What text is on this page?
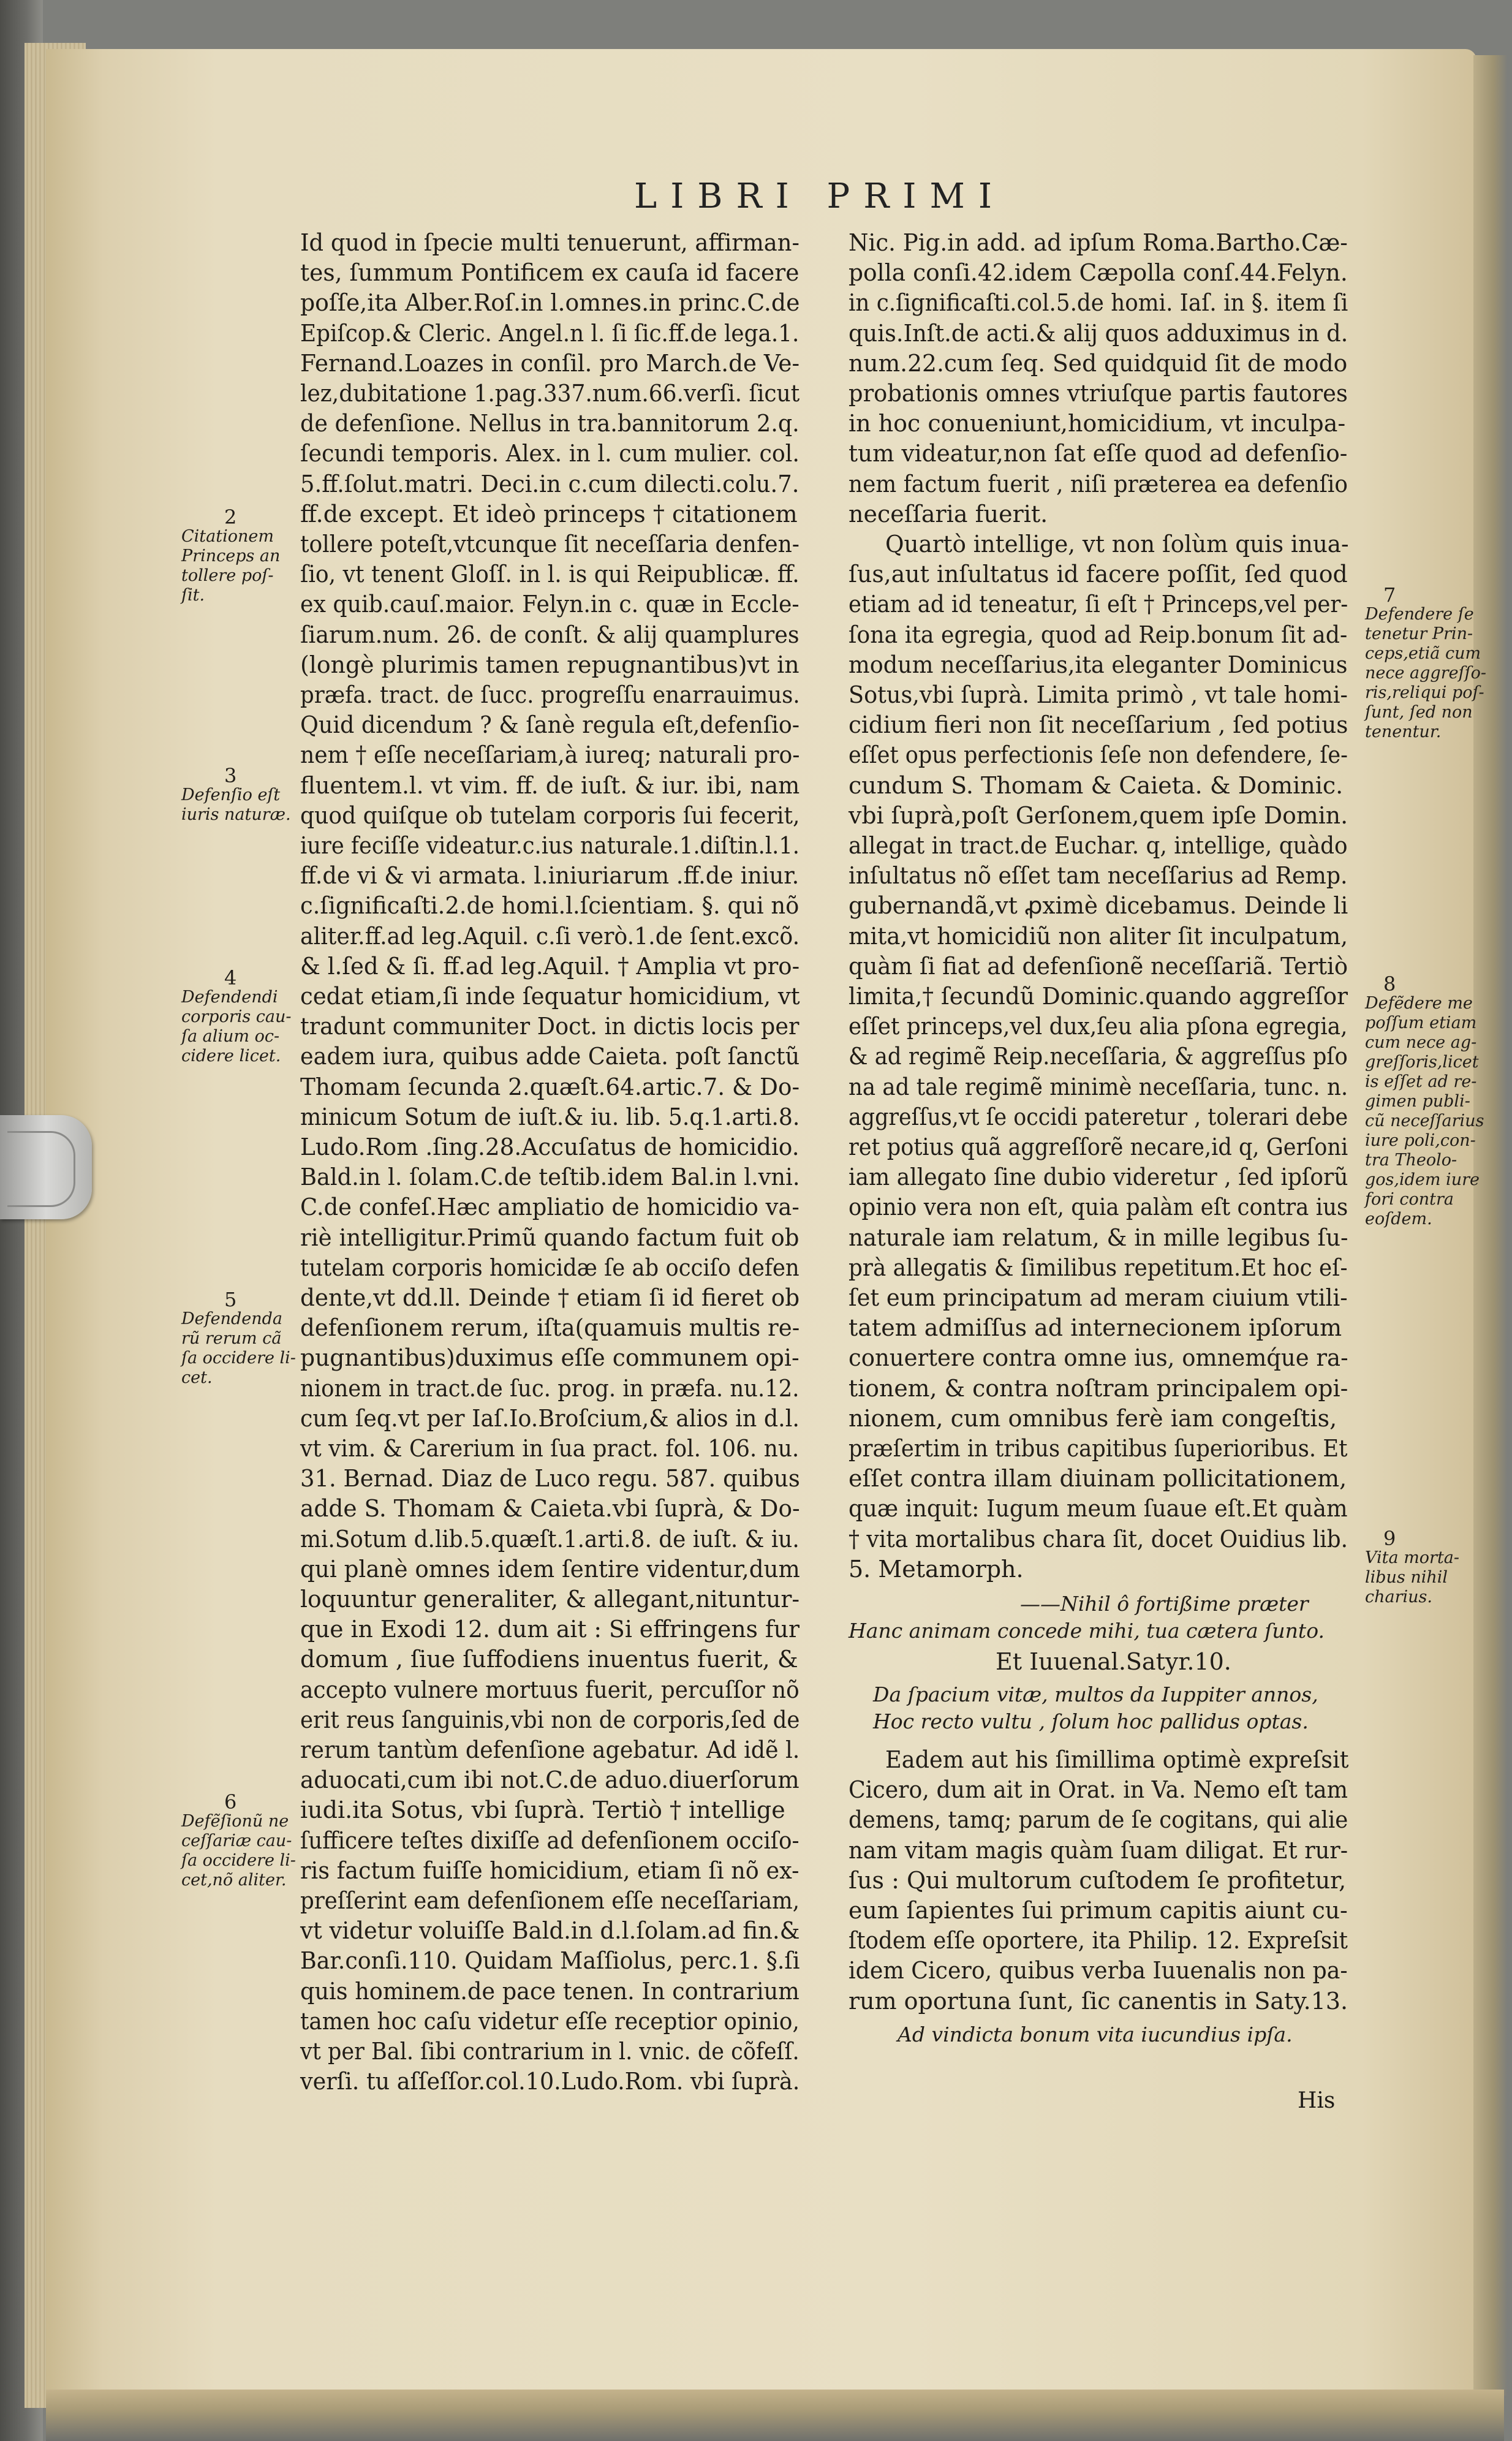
LIBRI PRIMI
Id quod in ſpecie multi tenuerunt, affirman-
tes, ſummum Pontificem ex cauſa id facere
poſſe,ita Alber.Roſ.in l.omnes.in princ.C.de
Epiſcop.& Cleric. Angel.n l. ſi ſic.ff.de lega.1.
Fernand.Loazes in conſil. pro March.de Ve-
lez,dubitatione 1.pag.337.num.66.verſi. ſicut
de defenſione. Nellus in tra.bannitorum 2.q.
ſecundi temporis. Alex. in l. cum mulier. col.
5.ff.ſolut.matri. Deci.in c.cum dilecti.colu.7.
ff.de except. Et ideò princeps † citationem
tollere poteſt,vtcunque ſit neceſſaria denfen-
ſio, vt tenent Gloſſ. in l. is qui Reipublicæ. ff.
ex quib.cauſ.maior. Felyn.in c. quæ in Eccle-
ſiarum.num. 26. de conſt. & alij quamplures
(longè plurimis tamen repugnantibus)vt in
præfa. tract. de ſucc. progreſſu enarrauimus.
Quid dicendum ? & ſanè regula eſt,defenſio-
nem † eſſe neceſſariam,à iureq; naturali pro-
fluentem.l. vt vim. ff. de iuſt. & iur. ibi, nam
quod quiſque ob tutelam corporis ſui fecerit,
iure feciſſe videatur.c.ius naturale.1.diſtin.l.1.
ff.de vi & vi armata. l.iniuriarum .ff.de iniur.
c.ſignificaſti.2.de homi.l.ſcientiam. §. qui nõ
aliter.ff.ad leg.Aquil. c.ſi verò.1.de ſent.excõ.
& l.ſed & ſi. ff.ad leg.Aquil. † Amplia vt pro-
cedat etiam,ſi inde ſequatur homicidium, vt
tradunt communiter Doct. in dictis locis per
eadem iura, quibus adde Caieta. poſt ſanctũ
Thomam ſecunda 2.quæſt.64.artic.7. & Do-
minicum Sotum de iuſt.& iu. lib. 5.q.1.arti.8.
Ludo.Rom .ſing.28.Accuſatus de homicidio.
Bald.in l. ſolam.C.de teſtib.idem Bal.in l.vni.
C.de confeſ.Hæc ampliatio de homicidio va-
riè intelligitur.Primũ quando factum fuit ob
tutelam corporis homicidæ ſe ab occiſo defen
dente,vt dd.ll. Deinde † etiam ſi id fieret ob
defenſionem rerum, iſta(quamuis multis re-
pugnantibus)duximus eſſe communem opi-
nionem in tract.de ſuc. prog. in præfa. nu.12.
cum ſeq.vt per Iaſ.Io.Broſcium,& alios in d.l.
vt vim. & Carerium in ſua pract. fol. 106. nu.
31. Bernad. Diaz de Luco regu. 587. quibus
adde S. Thomam & Caieta.vbi ſuprà, & Do-
mi.Sotum d.lib.5.quæſt.1.arti.8. de iuſt. & iu.
qui planè omnes idem ſentire videntur,dum
loquuntur generaliter, & allegant,nituntur-
que in Exodi 12. dum ait : Si effringens fur
domum , ſiue ſuffodiens inuentus fuerit, &
accepto vulnere mortuus fuerit, percuſſor nõ
erit reus ſanguinis,vbi non de corporis,ſed de
rerum tantùm defenſione agebatur. Ad idẽ l.
aduocati,cum ibi not.C.de aduo.diuerſorum
iudi.ita Sotus, vbi ſuprà. Tertiò † intellige
ſufficere teſtes dixiſſe ad defenſionem occiſo-
ris factum fuiſſe homicidium, etiam ſi nõ ex-
preſſerint eam defenſionem eſſe neceſſariam,
vt videtur voluiſſe Bald.in d.l.ſolam.ad fin.&
Bar.conſi.110. Quidam Maſſiolus, perc.1. §.ſi
quis hominem.de pace tenen. In contrarium
tamen hoc caſu videtur eſſe receptior opinio,
vt per Bal. ſibi contrarium in l. vnic. de cõfeſſ.
verſi. tu aſſeſſor.col.10.Ludo.Rom. vbi ſuprà.
Nic. Pig.in add. ad ipſum Roma.Bartho.Cæ-
polla conſi.42.idem Cæpolla conſ.44.Felyn.
in c.ſignificaſti.col.5.de homi. Iaſ. in §. item ſi
quis.Inſt.de acti.& alij quos adduximus in d.
num.22.cum ſeq. Sed quidquid ſit de modo
probationis omnes vtriuſque partis fautores
in hoc conueniunt,homicidium, vt inculpa-
tum videatur,non ſat eſſe quod ad defenſio-
nem factum fuerit , niſi præterea ea defenſio
neceſſaria fuerit.
Quartò intellige, vt non ſolùm quis inua-
ſus,aut inſultatus id facere poſſit, ſed quod
etiam ad id teneatur, ſi eſt † Princeps,vel per-
ſona ita egregia, quod ad Reip.bonum ſit ad-
modum neceſſarius,ita eleganter Dominicus
Sotus,vbi ſuprà. Limita primò , vt tale homi-
cidium fieri non ſit neceſſarium , ſed potius
eſſet opus perfectionis ſeſe non defendere, ſe-
cundum S. Thomam & Caieta. & Dominic.
vbi ſuprà,poſt Gerſonem,quem ipſe Domin.
allegat in tract.de Euchar. q, intellige, quàdo
inſultatus nõ eſſet tam neceſſarius ad Remp.
gubernandã,vt ꝓximè dicebamus. Deinde li
mita,vt homicidiũ non aliter ſit inculpatum,
quàm ſi fiat ad defenſionẽ neceſſariã. Tertiò
limita,† ſecundũ Dominic.quando aggreſſor
eſſet princeps,vel dux,ſeu alia pſona egregia,
& ad regimẽ Reip.neceſſaria, & aggreſſus pſo
na ad tale regimẽ minimè neceſſaria, tunc. n.
aggreſſus,vt ſe occidi pateretur , tolerari debe
ret potius quã aggreſſorẽ necare,id q, Gerſoni
iam allegato ſine dubio videretur , ſed ipſorũ
opinio vera non eſt, quia palàm eſt contra ius
naturale iam relatum, & in mille legibus ſu-
prà allegatis & ſimilibus repetitum.Et hoc eſ-
ſet eum principatum ad meram ciuium vtili-
tatem admiſſus ad internecionem ipſorum
conuertere contra omne ius, omnemq́ue ra-
tionem, & contra noſtram principalem opi-
nionem, cum omnibus ferè iam congeſtis,
præſertim in tribus capitibus ſuperioribus. Et
eſſet contra illam diuinam pollicitationem,
quæ inquit: Iugum meum ſuaue eſt.Et quàm
† vita mortalibus chara ſit, docet Ouidius lib.
5. Metamorph.
——Nihil ô fortißime præter
Hanc animam concede mihi, tua cætera ſunto.
Et Iuuenal.Satyr.10.
Da ſpacium vitæ, multos da Iuppiter annos,
Hoc recto vultu , ſolum hoc pallidus optas.
Eadem aut his ſimillima optimè expreſsit
Cicero, dum ait in Orat. in Va. Nemo eſt tam
demens, tamq; parum de ſe cogitans, qui alie
nam vitam magis quàm ſuam diligat. Et rur-
ſus : Qui multorum cuſtodem ſe profitetur,
eum ſapientes ſui primum capitis aiunt cu-
ſtodem eſſe oportere, ita Philip. 12. Expreſsit
idem Cicero, quibus verba Iuuenalis non pa-
rum oportuna ſunt, ſic canentis in Saty.13.
Ad vindicta bonum vita iucundius ipſa.
2
Citationem
Princeps an
tollere poſ-
ſit.
3
Defenſio eſt
iuris naturæ.
4
Defendendi
corporis cau-
ſa alium oc-
cidere licet.
5
Defendenda
rũ rerum cã
ſa occidere li-
cet.
6
Defẽſionũ ne
ceſſariæ cau-
ſa occidere li-
cet,nõ aliter.
7
Defendere ſe
tenetur Prin-
ceps,etiã cum
nece aggreſſo-
ris,reliqui poſ-
ſunt, ſed non
tenentur.
8
Defẽdere me
poſſum etiam
cum nece ag-
greſſoris,licet
is eſſet ad re-
gimen publi-
cũ neceſſarius
iure poli,con-
tra Theolo-
gos,idem iure
fori contra
eoſdem.
9
Vita morta-
libus nihil
charius.
His
